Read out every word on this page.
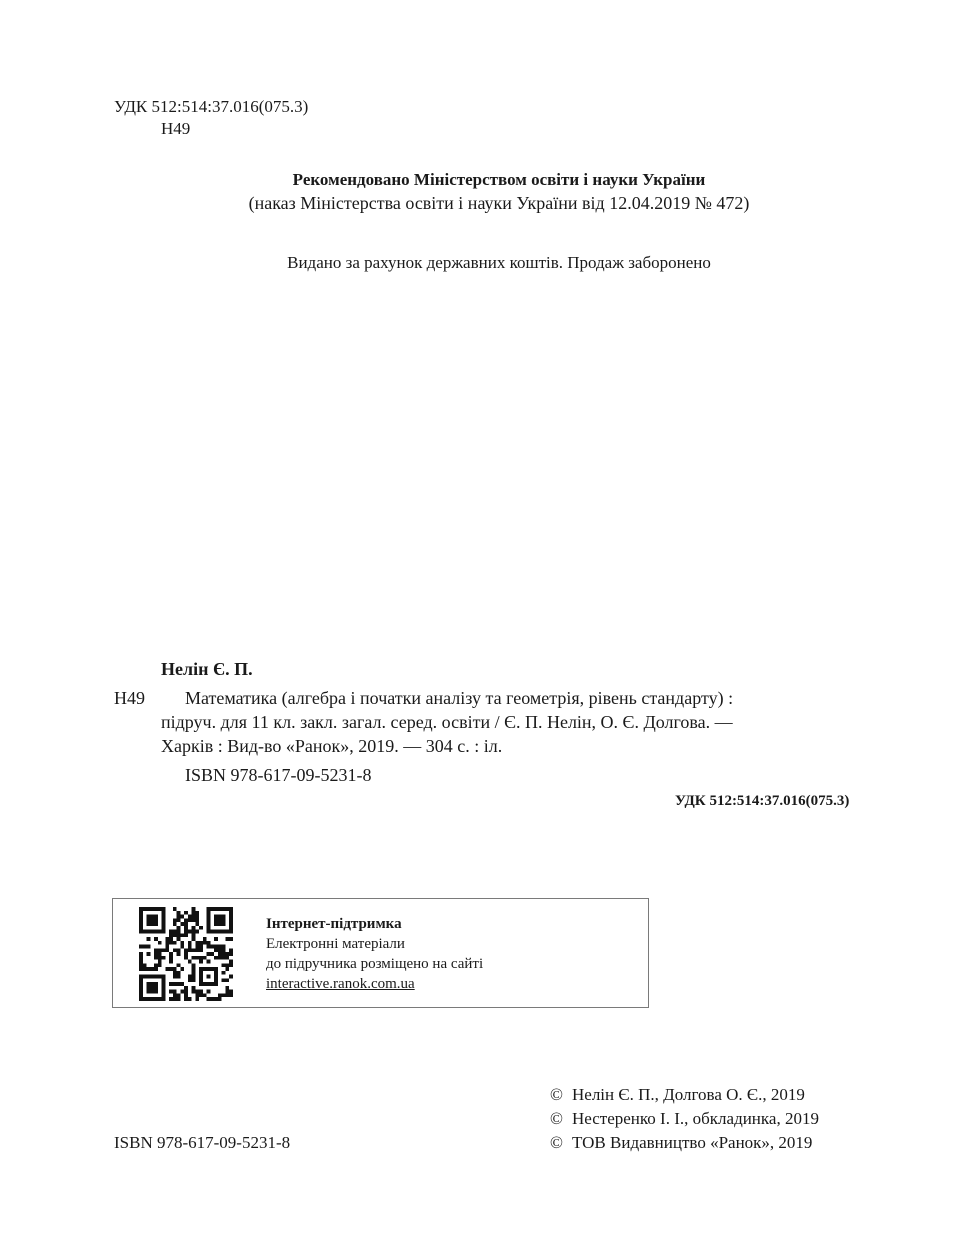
УДК 512:514:37.016(075.3)
Н49
Рекомендовано Міністерством освіти і науки України
(наказ Міністерства освіти і науки України від 12.04.2019 № 472)
Видано за рахунок державних коштів. Продаж заборонено
Нелін Є. П.
Н49 Математика (алгебра і початки аналізу та геометрія, рівень стандарту) :
підруч. для 11 кл. закл. загал. серед. освіти / Є. П. Нелін, О. Є. Долгова. —
Харків : Вид-во «Ранок», 2019. — 304 с. : іл.
ISBN 978-617-09-5231-8
УДК 512:514:37.016(075.3)
Інтернет-підтримка
Електронні матеріали
до підручника розміщено на сайті
interactive.ranok.com.ua
ISBN 978-617-09-5231-8
© Нелін Є. П., Долгова О. Є., 2019
© Нестеренко І. І., обкладинка, 2019
© ТОВ Видавництво «Ранок», 2019
